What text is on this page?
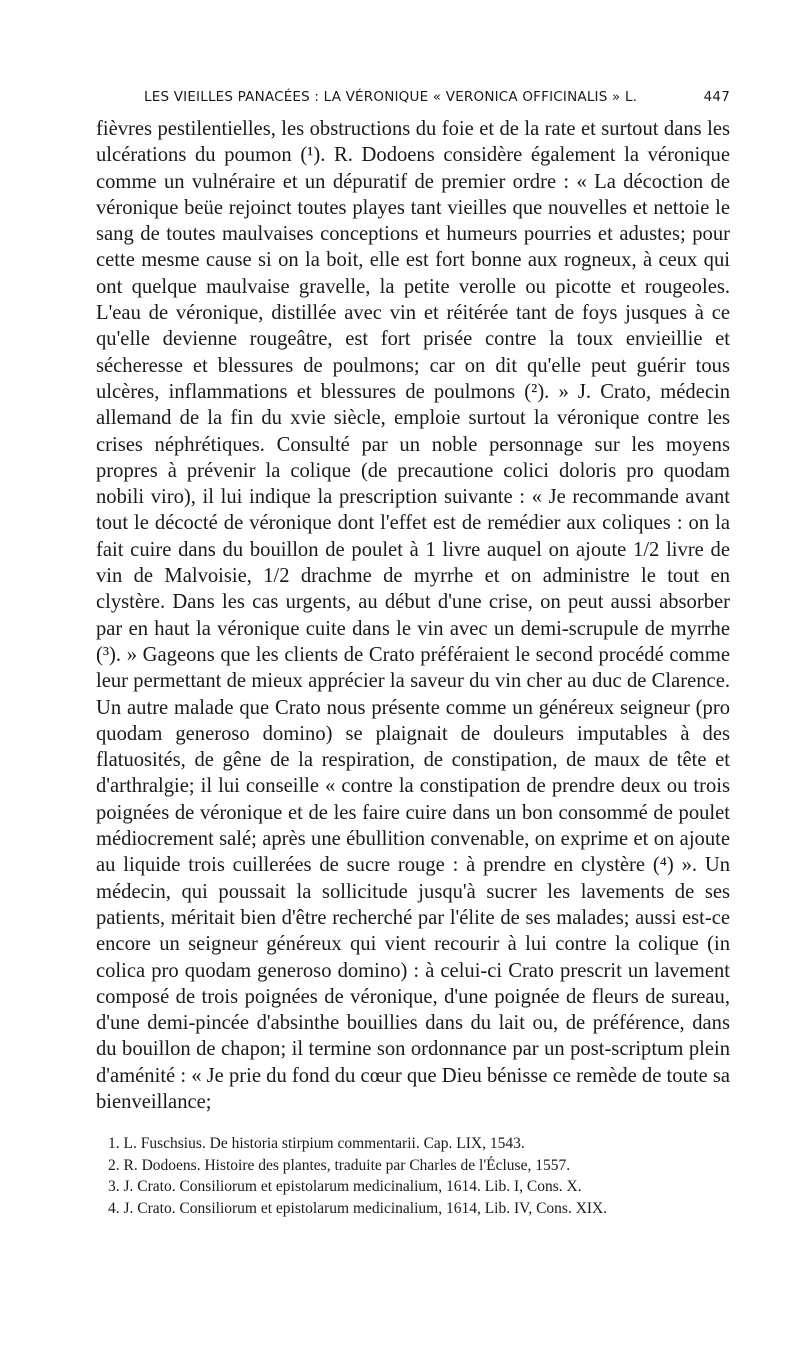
LES VIEILLES PANACÉES : LA VÉRONIQUE « VERONICA OFFICINALIS » L.	447

fièvres pestilentielles, les obstructions du foie et de la rate et surtout dans les ulcérations du poumon (¹). R. Dodoens considère également la véronique comme un vulnéraire et un dépuratif de premier ordre : « La décoction de véronique beüe rejoinct toutes playes tant vieilles que nouvelles et nettoie le sang de toutes maulvaises conceptions et humeurs pourries et adustes; pour cette mesme cause si on la boit, elle est fort bonne aux rogneux, à ceux qui ont quelque maulvaise gravelle, la petite verolle ou picotte et rougeoles. L'eau de véronique, distillée avec vin et réitérée tant de foys jusques à ce qu'elle devienne rougeâtre, est fort prisée contre la toux envieillie et sécheresse et blessures de poulmons; car on dit qu'elle peut guérir tous ulcères, inflammations et blessures de poulmons (²). » J. Crato, médecin allemand de la fin du xvie siècle, emploie surtout la véronique contre les crises néphrétiques. Consulté par un noble personnage sur les moyens propres à prévenir la colique (de precautione colici doloris pro quodam nobili viro), il lui indique la prescription suivante : « Je recommande avant tout le décocté de véronique dont l'effet est de remédier aux coliques : on la fait cuire dans du bouillon de poulet à 1 livre auquel on ajoute 1/2 livre de vin de Malvoisie, 1/2 drachme de myrrhe et on administre le tout en clystère. Dans les cas urgents, au début d'une crise, on peut aussi absorber par en haut la véronique cuite dans le vin avec un demi-scrupule de myrrhe (³). » Gageons que les clients de Crato préféraient le second procédé comme leur permettant de mieux apprécier la saveur du vin cher au duc de Clarence. Un autre malade que Crato nous présente comme un généreux seigneur (pro quodam generoso domino) se plaignait de douleurs imputables à des flatuosités, de gêne de la respiration, de constipation, de maux de tête et d'arthralgie; il lui conseille « contre la constipation de prendre deux ou trois poignées de véronique et de les faire cuire dans un bon consommé de poulet médiocrement salé; après une ébullition convenable, on exprime et on ajoute au liquide trois cuillerées de sucre rouge : à prendre en clystère (⁴) ». Un médecin, qui poussait la sollicitude jusqu'à sucrer les lavements de ses patients, méritait bien d'être recherché par l'élite de ses malades; aussi est-ce encore un seigneur généreux qui vient recourir à lui contre la colique (in colica pro quodam generoso domino) : à celui-ci Crato prescrit un lavement composé de trois poignées de véronique, d'une poignée de fleurs de sureau, d'une demi-pincée d'absinthe bouillies dans du lait ou, de préférence, dans du bouillon de chapon; il termine son ordonnance par un post-scriptum plein d'aménité : « Je prie du fond du cœur que Dieu bénisse ce remède de toute sa bienveillance;

1. L. Fuschsius. De historia stirpium commentarii. Cap. LIX, 1543.
2. R. Dodoens. Histoire des plantes, traduite par Charles de l'Écluse, 1557.
3. J. Crato. Consiliorum et epistolarum medicinalium, 1614. Lib. I, Cons. X.
4. J. Crato. Consiliorum et epistolarum medicinalium, 1614, Lib. IV, Cons. XIX.
